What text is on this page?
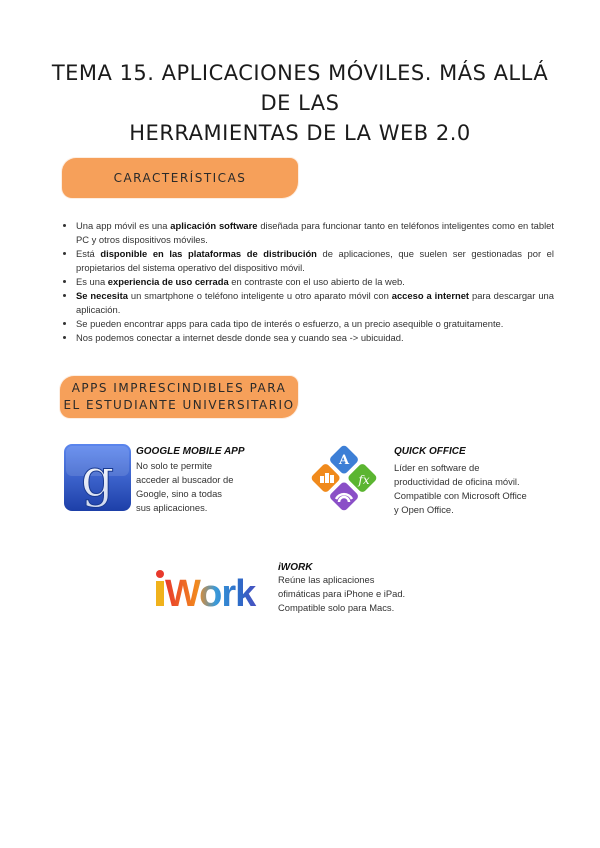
TEMA 15. APLICACIONES MÓVILES. MÁS ALLÁ DE LAS
HERRAMIENTAS DE LA WEB 2.0
CARACTERÍSTICAS
• Una app móvil es una aplicación software diseñada para funcionar tanto en teléfonos inteligentes como en tablet PC y otros dispositivos móviles.
• Está disponible en las plataformas de distribución de aplicaciones, que suelen ser gestionadas por el propietarios del sistema operativo del dispositivo móvil.
• Es una experiencia de uso cerrada en contraste con el uso abierto de la web.
• Se necesita un smartphone o teléfono inteligente u otro aparato móvil con acceso a internet para descargar una aplicación.
• Se pueden encontrar apps para cada tipo de interés o esfuerzo, a un precio asequible o gratuitamente.
• Nos podemos conectar a internet desde donde sea y cuando sea -> ubicuidad.
APPS IMPRESCINDIBLES PARA
EL ESTUDIANTE UNIVERSITARIO
g GOOGLE MOBILE APP
No solo te permite
acceder al buscador de
Google, sino a todas
sus aplicaciones.
A
fx
QUICK OFFICE
Líder en software de
productividad de oficina móvil.
Compatible con Microsoft Office
y Open Office.
Work
iWORK
Reúne las aplicaciones
ofimáticas para iPhone e iPad.
Compatible solo para Macs.
